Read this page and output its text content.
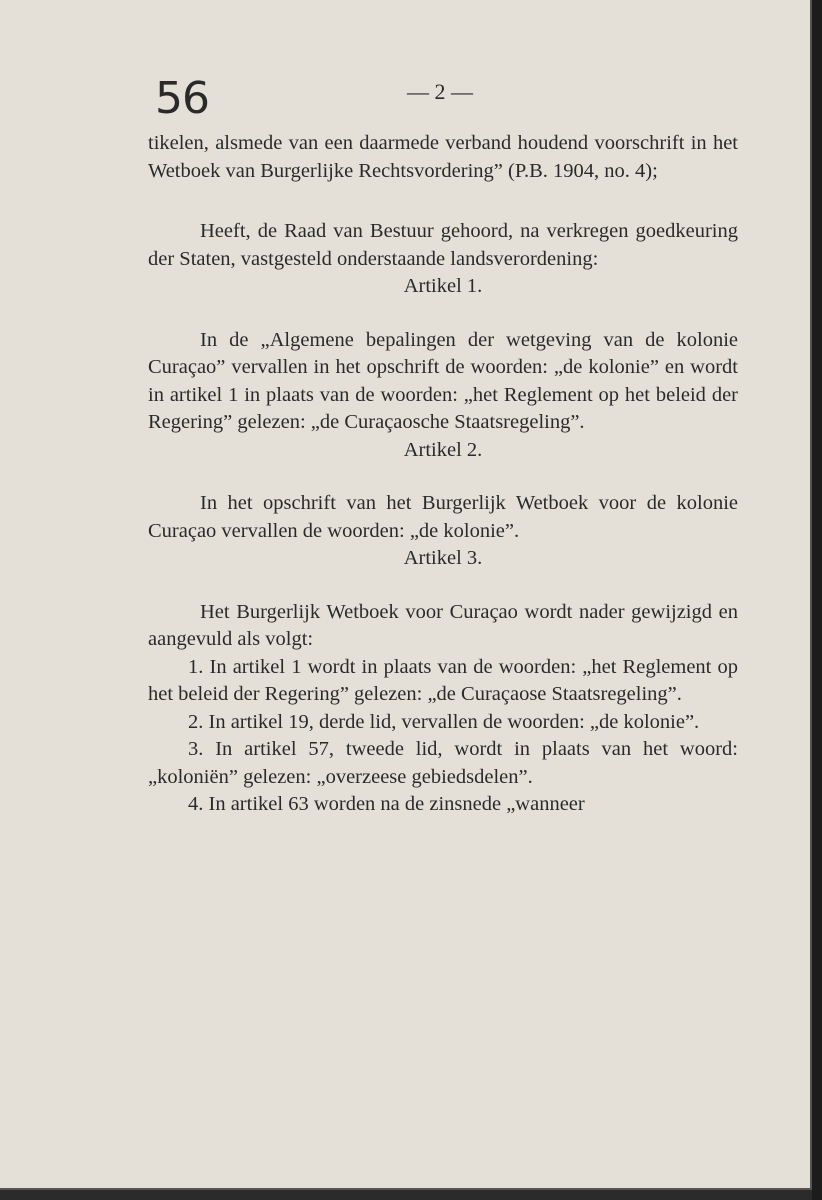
56	— 2 —

tikelen, alsmede van een daarmede verband houdend voorschrift in het Wetboek van Burgerlijke Rechtsvordering” (P.B. 1904, no. 4);

Heeft, de Raad van Bestuur gehoord, na verkregen goedkeuring der Staten, vastgesteld onderstaande landsverordening:

Artikel 1.

In de „Algemene bepalingen der wetgeving van de kolonie Curaçao” vervallen in het opschrift de woorden: „de kolonie” en wordt in artikel 1 in plaats van de woorden: „het Reglement op het beleid der Regering” gelezen: „de Curaçaosche Staatsregeling”.

Artikel 2.

In het opschrift van het Burgerlijk Wetboek voor de kolonie Curaçao vervallen de woorden: „de kolonie”.

Artikel 3.

Het Burgerlijk Wetboek voor Curaçao wordt nader gewijzigd en aangevuld als volgt:

1. In artikel 1 wordt in plaats van de woorden: „het Reglement op het beleid der Regering” gelezen: „de Curaçaose Staatsregeling”.

2. In artikel 19, derde lid, vervallen de woorden: „de kolonie”.

3. In artikel 57, tweede lid, wordt in plaats van het woord: „koloniën” gelezen: „overzeese gebiedsdelen”.

4. In artikel 63 worden na de zinsnede „wanneer
